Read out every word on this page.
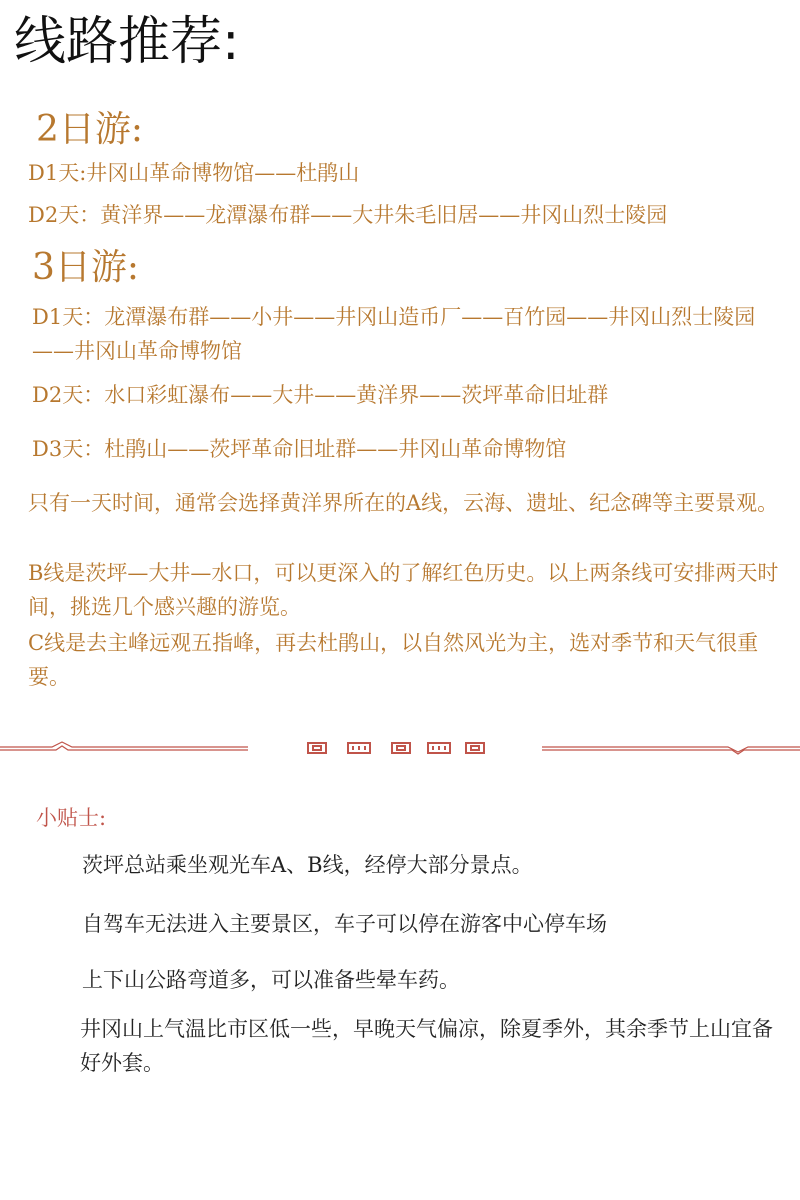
线路推荐:
2日游:
D1天:井冈山革命博物馆——杜鹃山
D2天：黄洋界——龙潭瀑布群——大井朱毛旧居——井冈山烈士陵园
3日游:
D1天：龙潭瀑布群——小井——井冈山造币厂——百竹园——井冈山烈士陵园——井冈山革命博物馆
D2天：水口彩虹瀑布——大井——黄洋界——茨坪革命旧址群
D3天：杜鹃山——茨坪革命旧址群——井冈山革命博物馆
只有一天时间，通常会选择黄洋界所在的A线，云海、遗址、纪念碑等主要景观。
B线是茨坪—大井—水口，可以更深入的了解红色历史。以上两条线可安排两天时间，挑选几个感兴趣的游览。
C线是去主峰远观五指峰，再去杜鹃山，以自然风光为主，选对季节和天气很重要。
小贴士:
茨坪总站乘坐观光车A、B线，经停大部分景点。
自驾车无法进入主要景区，车子可以停在游客中心停车场
上下山公路弯道多，可以准备些晕车药。
井冈山上气温比市区低一些，早晚天气偏凉，除夏季外，其余季节上山宜备好外套。
